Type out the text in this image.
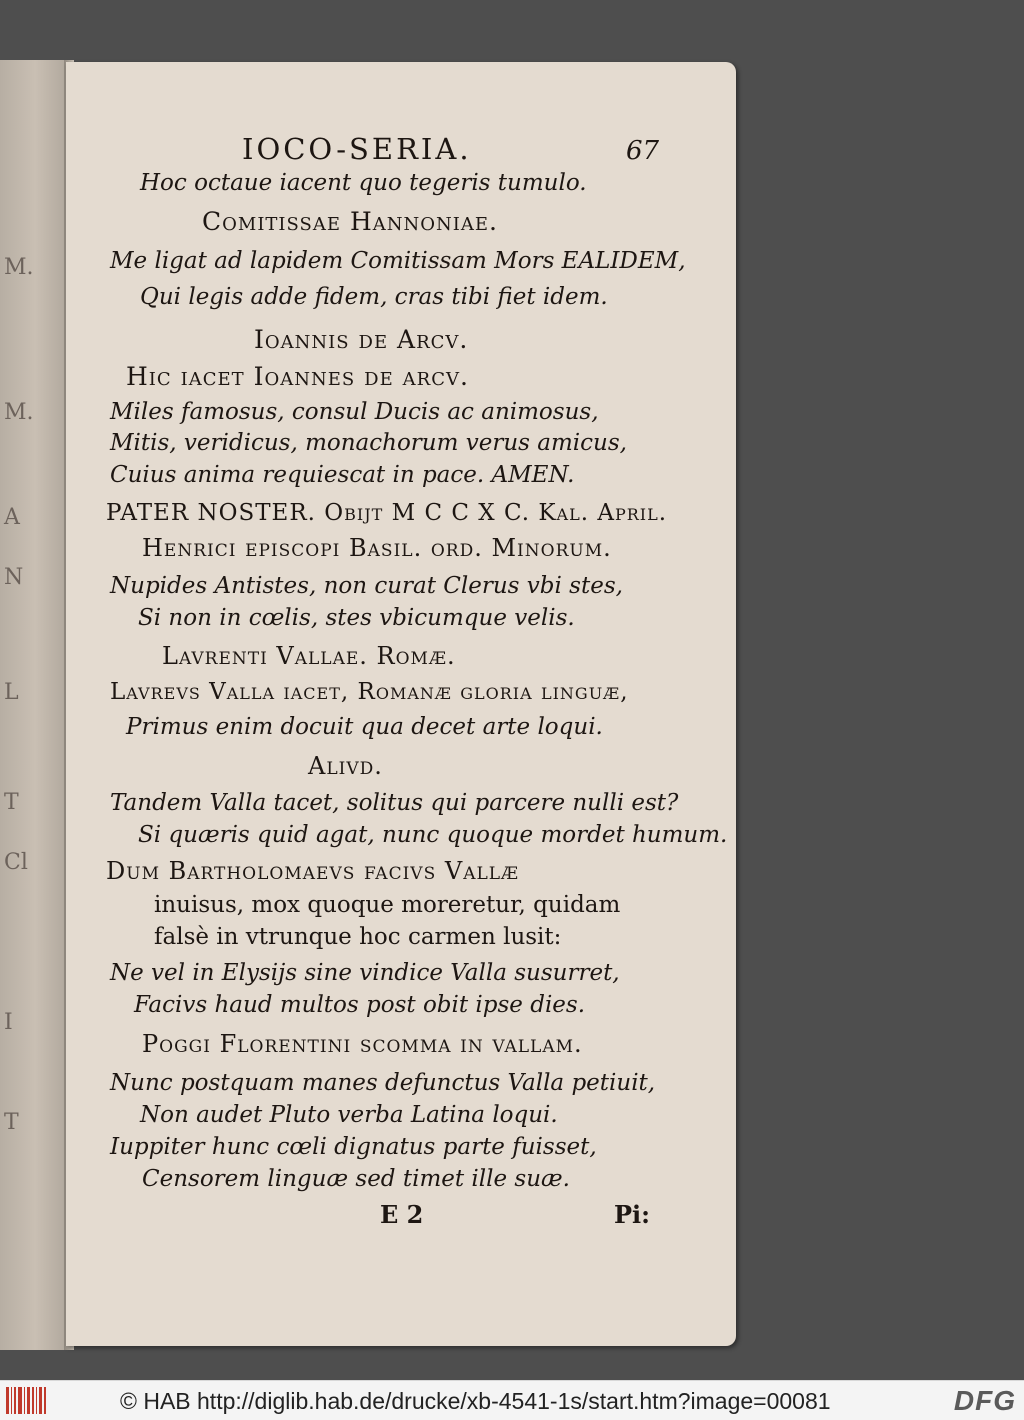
M.
M.
A
N
L
T
Cl
I
T
IOCO-SERIA.	67
Hoc octaue iacent quo tegeris tumulo.
Comitissae Hannoniae.
Me ligat ad lapidem Comitissam Mors EALIDEM,
Qui legis adde fidem, cras tibi fiet idem.
Ioannis de Arcv.
Hic iacet Ioannes de arcv.
Miles famosus, consul Ducis ac animosus,
Mitis, veridicus, monachorum verus amicus,
Cuius anima requiescat in pace. AMEN.
PATER NOSTER. Obijt M C C X C. Kal. April.
Henrici episcopi Basil. ord. Minorum.
Nupides Antistes, non curat Clerus vbi stes,
Si non in cœlis, stes vbicumque velis.
Lavrenti Vallae. Romæ.
Lavrevs Valla iacet, Romanæ gloria linguæ,
Primus enim docuit qua decet arte loqui.
Alivd.
Tandem Valla tacet, solitus qui parcere nulli est?
Si quæris quid agat, nunc quoque mordet humum.
Dum Bartholomaevs facivs Vallæ
inuisus, mox quoque moreretur, quidam
falsè in vtrunque hoc carmen lusit:
Ne vel in Elysijs sine vindice Valla susurret,
Facivs haud multos post obit ipse dies.
Poggi Florentini scomma in vallam.
Nunc postquam manes defunctus Valla petiuit,
Non audet Pluto verba Latina loqui.
Iuppiter hunc cœli dignatus parte fuisset,
Censorem linguæ sed timet ille suæ.
E 2	Pi:
© HAB http://diglib.hab.de/drucke/xb-4541-1s/start.htm?image=00081	DFG
